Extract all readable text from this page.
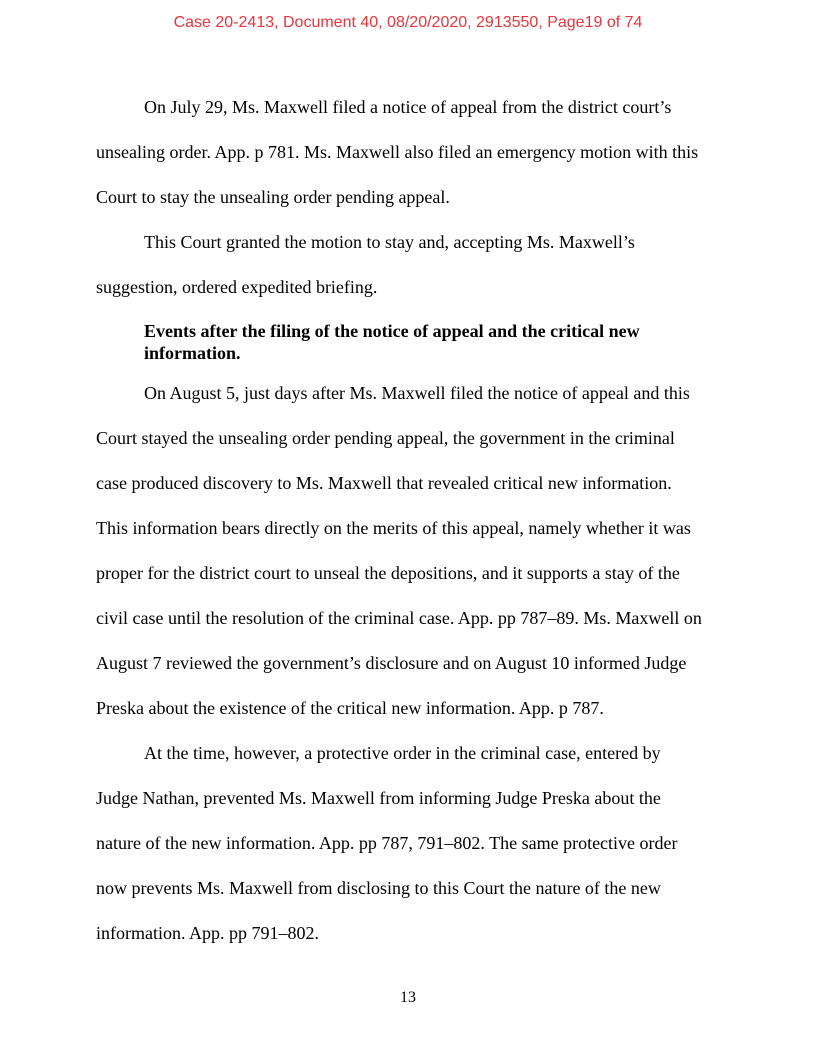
Case 20-2413, Document 40, 08/20/2020, 2913550, Page19 of 74
On July 29, Ms. Maxwell filed a notice of appeal from the district court’s
unsealing order. App. p 781. Ms. Maxwell also filed an emergency motion with this
Court to stay the unsealing order pending appeal.
This Court granted the motion to stay and, accepting Ms. Maxwell’s
suggestion, ordered expedited briefing.
Events after the filing of the notice of appeal and the critical new
information.
On August 5, just days after Ms. Maxwell filed the notice of appeal and this
Court stayed the unsealing order pending appeal, the government in the criminal
case produced discovery to Ms. Maxwell that revealed critical new information.
This information bears directly on the merits of this appeal, namely whether it was
proper for the district court to unseal the depositions, and it supports a stay of the
civil case until the resolution of the criminal case. App. pp 787–89. Ms. Maxwell on
August 7 reviewed the government’s disclosure and on August 10 informed Judge
Preska about the existence of the critical new information. App. p 787.
At the time, however, a protective order in the criminal case, entered by
Judge Nathan, prevented Ms. Maxwell from informing Judge Preska about the
nature of the new information. App. pp 787, 791–802. The same protective order
now prevents Ms. Maxwell from disclosing to this Court the nature of the new
information. App. pp 791–802.
13
